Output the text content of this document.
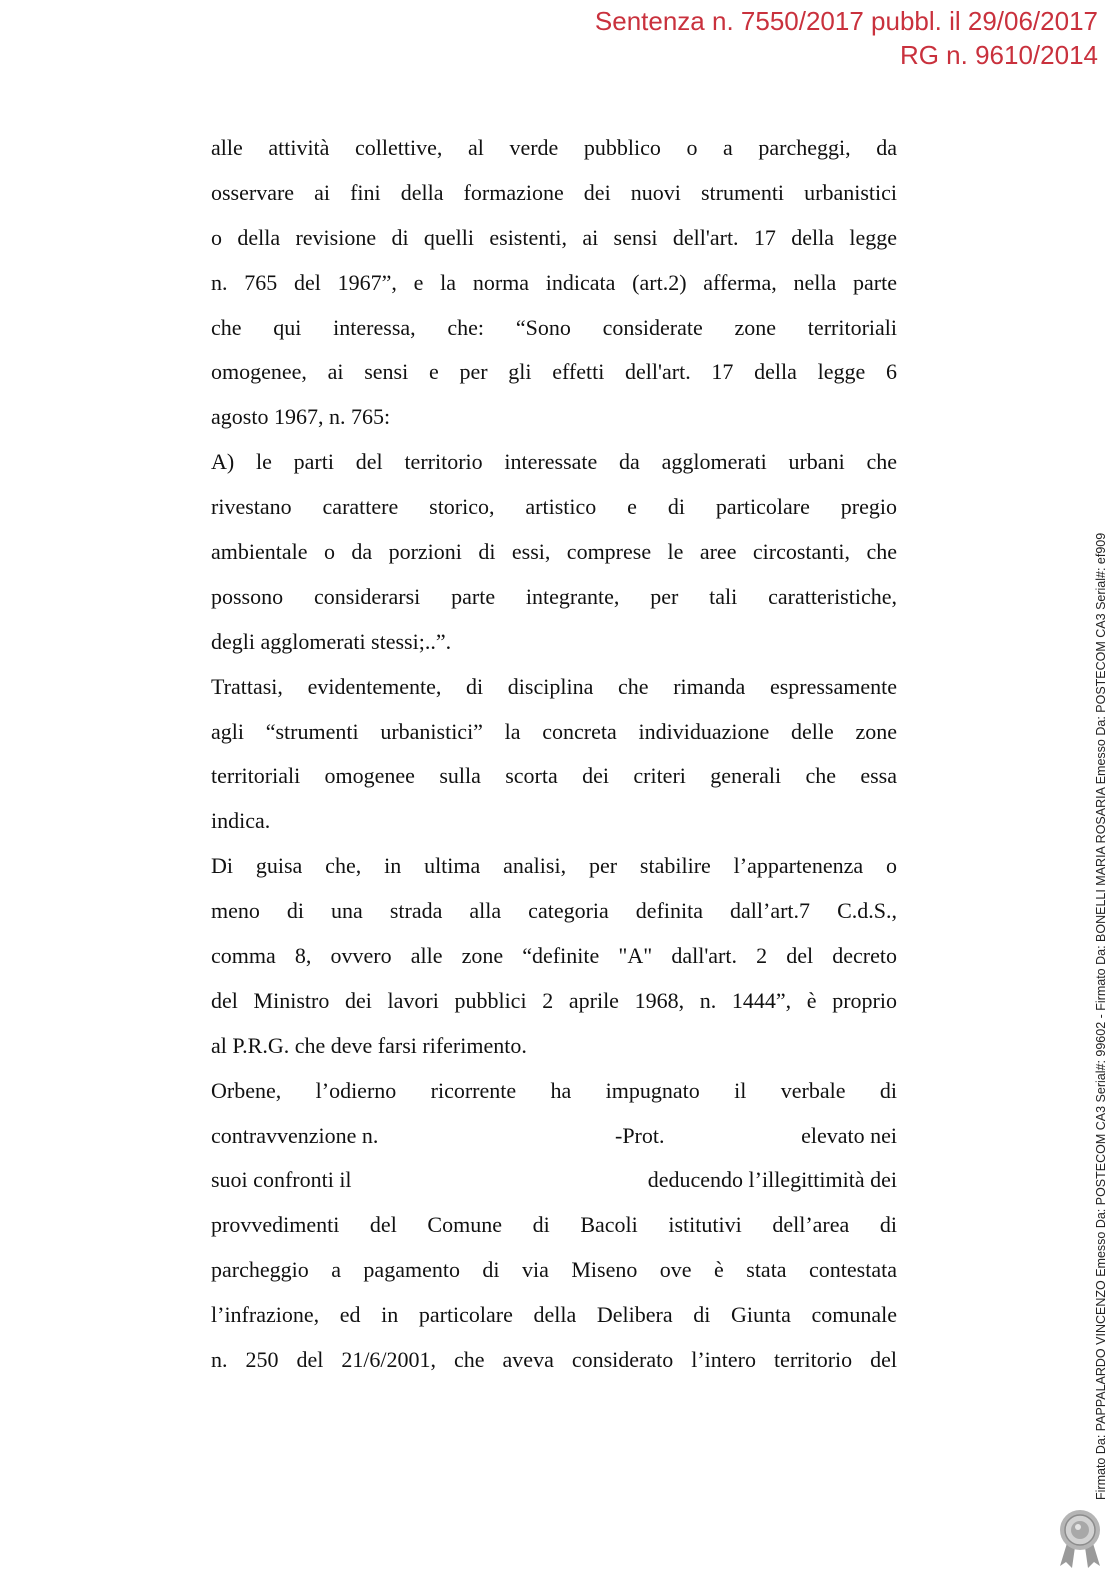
Sentenza n. 7550/2017 pubbl. il 29/06/2017
RG n. 9610/2014
alle attività collettive, al verde pubblico o a parcheggi, da
osservare ai fini della formazione dei nuovi strumenti urbanistici
o della revisione di quelli esistenti, ai sensi dell'art. 17 della legge
n. 765 del 1967”, e la norma indicata (art.2) afferma, nella parte
che qui interessa, che: “Sono considerate zone territoriali
omogenee, ai sensi e per gli effetti dell'art. 17 della legge 6
agosto 1967, n. 765:
A) le parti del territorio interessate da agglomerati urbani che
rivestano carattere storico, artistico e di particolare pregio
ambientale o da porzioni di essi, comprese le aree circostanti, che
possono considerarsi parte integrante, per tali caratteristiche,
degli agglomerati stessi;..”.
Trattasi, evidentemente, di disciplina che rimanda espressamente
agli “strumenti urbanistici” la concreta individuazione delle zone
territoriali omogenee sulla scorta dei criteri generali che essa
indica.
Di guisa che, in ultima analisi, per stabilire l’appartenenza o
meno di una strada alla categoria definita dall’art.7 C.d.S.,
comma 8, ovvero alle zone “definite "A" dall'art. 2 del decreto
del Ministro dei lavori pubblici 2 aprile 1968, n. 1444”, è proprio
al P.R.G. che deve farsi riferimento.
Orbene, l’odierno ricorrente ha impugnato il verbale di
contravvenzione n.	-Prot.	elevato nei
suoi confronti il	deducendo l’illegittimità dei
provvedimenti del Comune di Bacoli istitutivi dell’area di
parcheggio a pagamento di via Miseno ove è stata contestata
l’infrazione, ed in particolare della Delibera di Giunta comunale
n. 250 del 21/6/2001, che aveva considerato l’intero territorio del	Firmato Da: PAPPALARDO VINCENZO Emesso Da: POSTECOM CA3 Serial#: 99602 - Firmato Da: BONELLI MARIA ROSARIA Emesso Da: POSTECOM CA3 Serial#: ef909
